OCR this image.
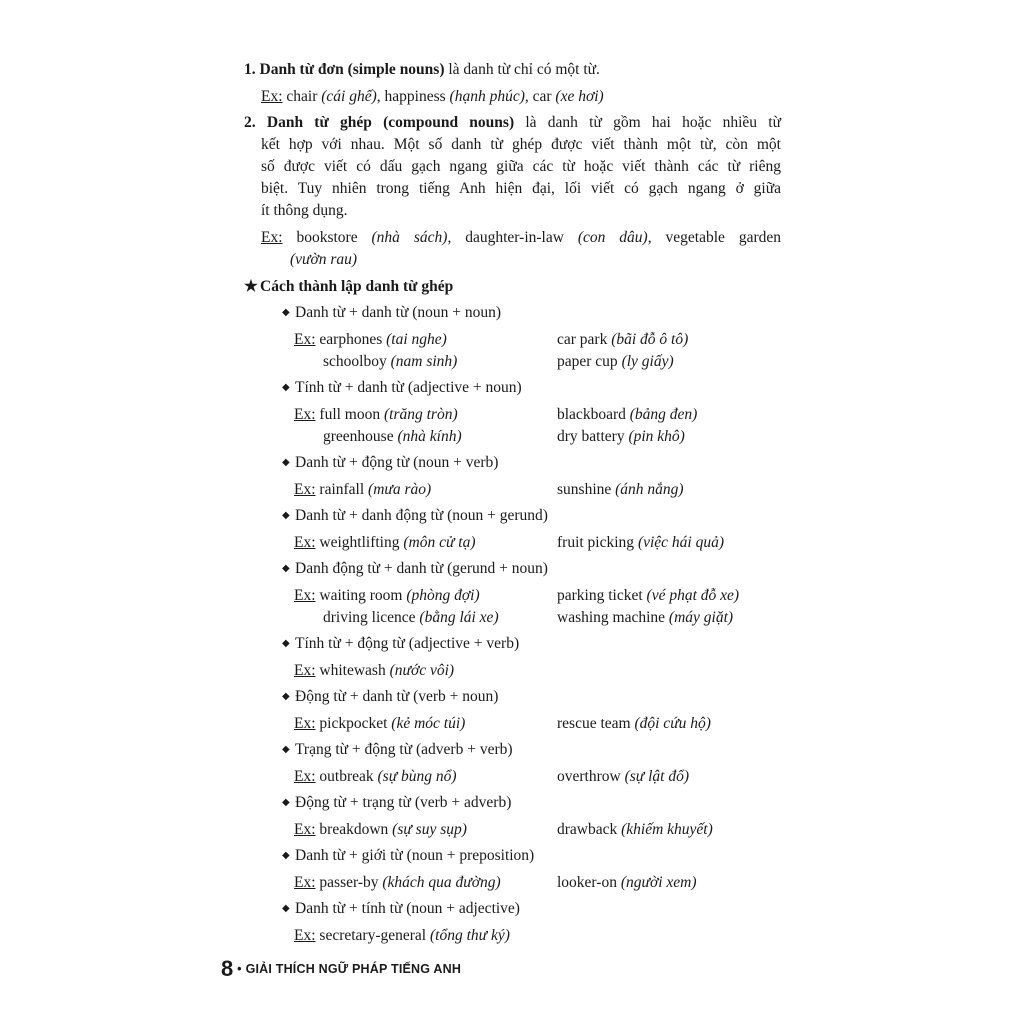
1. Danh từ đơn (simple nouns) là danh từ chỉ có một từ.
Ex: chair (cái ghế), happiness (hạnh phúc), car (xe hơi)
2. Danh từ ghép (compound nouns) là danh từ gồm hai hoặc nhiều từ
kết hợp với nhau. Một số danh từ ghép được viết thành một từ, còn một
số được viết có dấu gạch ngang giữa các từ hoặc viết thành các từ riêng
biệt. Tuy nhiên trong tiếng Anh hiện đại, lối viết có gạch ngang ở giữa
ít thông dụng.
Ex: bookstore (nhà sách), daughter-in-law (con dâu), vegetable garden
(vườn rau)
★ Cách thành lập danh từ ghép
◆ Danh từ + danh từ (noun + noun)
Ex: earphones (tai nghe)	car park (bãi đỗ ô tô)
schoolboy (nam sinh)	paper cup (ly giấy)
◆ Tính từ + danh từ (adjective + noun)
Ex: full moon (trăng tròn)	blackboard (bảng đen)
greenhouse (nhà kính)	dry battery (pin khô)
◆ Danh từ + động từ (noun + verb)
Ex: rainfall (mưa rào)	sunshine (ánh nắng)
◆ Danh từ + danh động từ (noun + gerund)
Ex: weightlifting (môn cử tạ)	fruit picking (việc hái quả)
◆ Danh động từ + danh từ (gerund + noun)
Ex: waiting room (phòng đợi)	parking ticket (vé phạt đỗ xe)
driving licence (bằng lái xe)	washing machine (máy giặt)
◆ Tính từ + động từ (adjective + verb)
Ex: whitewash (nước vôi)
◆ Động từ + danh từ (verb + noun)
Ex: pickpocket (kẻ móc túi)	rescue team (đội cứu hộ)
◆ Trạng từ + động từ (adverb + verb)
Ex: outbreak (sự bùng nổ)	overthrow (sự lật đổ)
◆ Động từ + trạng từ (verb + adverb)
Ex: breakdown (sự suy sụp)	drawback (khiếm khuyết)
◆ Danh từ + giới từ (noun + preposition)
Ex: passer-by (khách qua đường)	looker-on (người xem)
◆ Danh từ + tính từ (noun + adjective)
Ex: secretary-general (tổng thư ký)
8 • GIẢI THÍCH NGỮ PHÁP TIẾNG ANH
